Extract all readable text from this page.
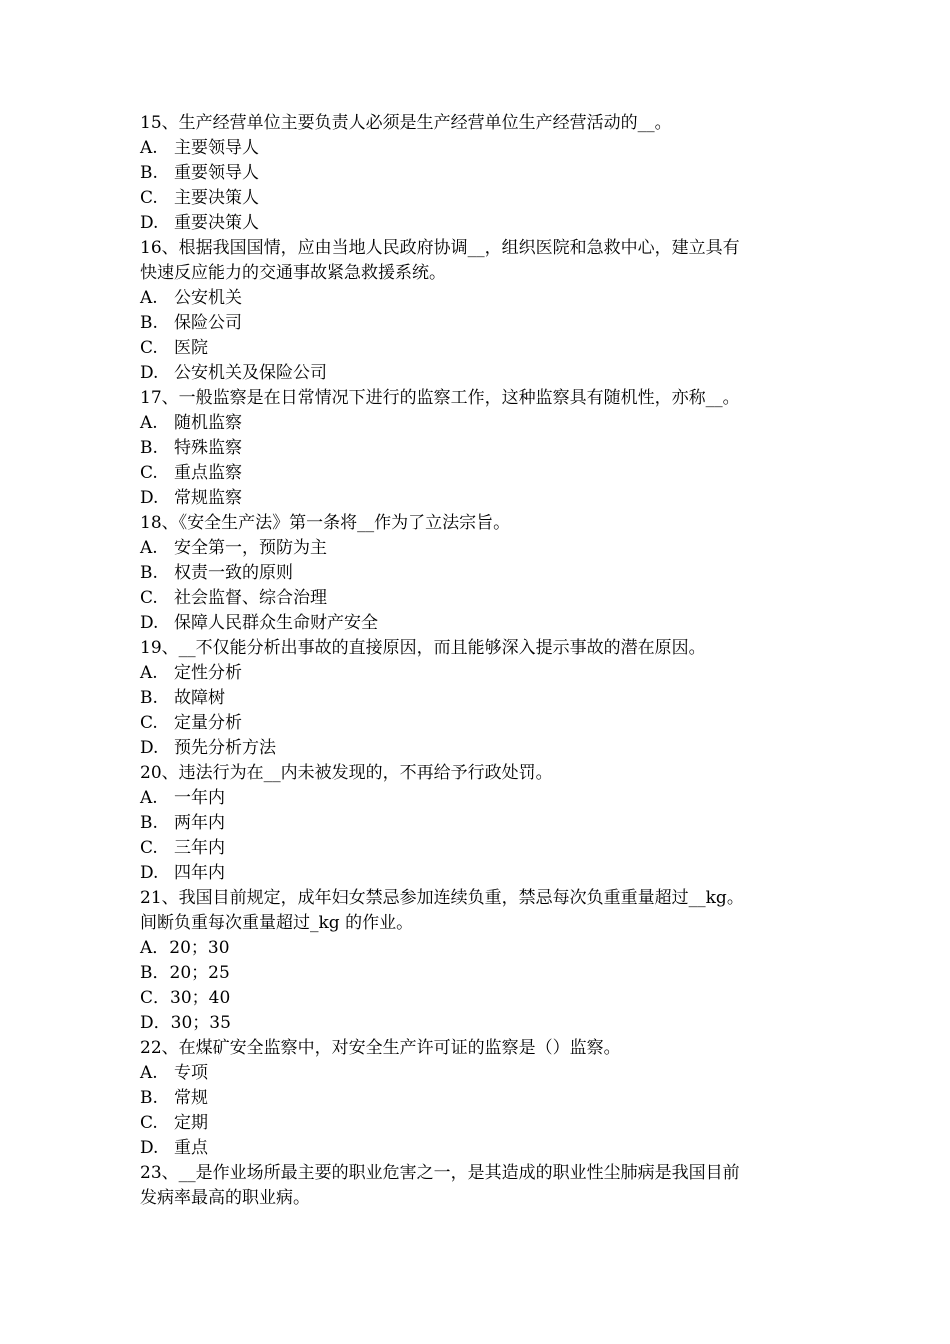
15、生产经营单位主要负责人必须是生产经营单位生产经营活动的__。
A. 主要领导人
B. 重要领导人
C. 主要决策人
D. 重要决策人
16、根据我国国情，应由当地人民政府协调__，组织医院和急救中心，建立具有
快速反应能力的交通事故紧急救援系统。
A. 公安机关
B. 保险公司
C. 医院
D. 公安机关及保险公司
17、一般监察是在日常情况下进行的监察工作，这种监察具有随机性，亦称__。
A. 随机监察
B. 特殊监察
C. 重点监察
D. 常规监察
18、《安全生产法》第一条将__作为了立法宗旨。
A. 安全第一，预防为主
B. 权责一致的原则
C. 社会监督、综合治理
D. 保障人民群众生命财产安全
19、__不仅能分析出事故的直接原因，而且能够深入提示事故的潜在原因。
A. 定性分析
B. 故障树
C. 定量分析
D. 预先分析方法
20、违法行为在__内未被发现的，不再给予行政处罚。
A. 一年内
B. 两年内
C. 三年内
D. 四年内
21、我国目前规定，成年妇女禁忌参加连续负重，禁忌每次负重重量超过__kg。
间断负重每次重量超过_kg 的作业。
A．20；30
B．20；25
C．30；40
D．30；35
22、在煤矿安全监察中，对安全生产许可证的监察是（）监察。
A. 专项
B. 常规
C. 定期
D. 重点
23、__是作业场所最主要的职业危害之一，是其造成的职业性尘肺病是我国目前
发病率最高的职业病。
